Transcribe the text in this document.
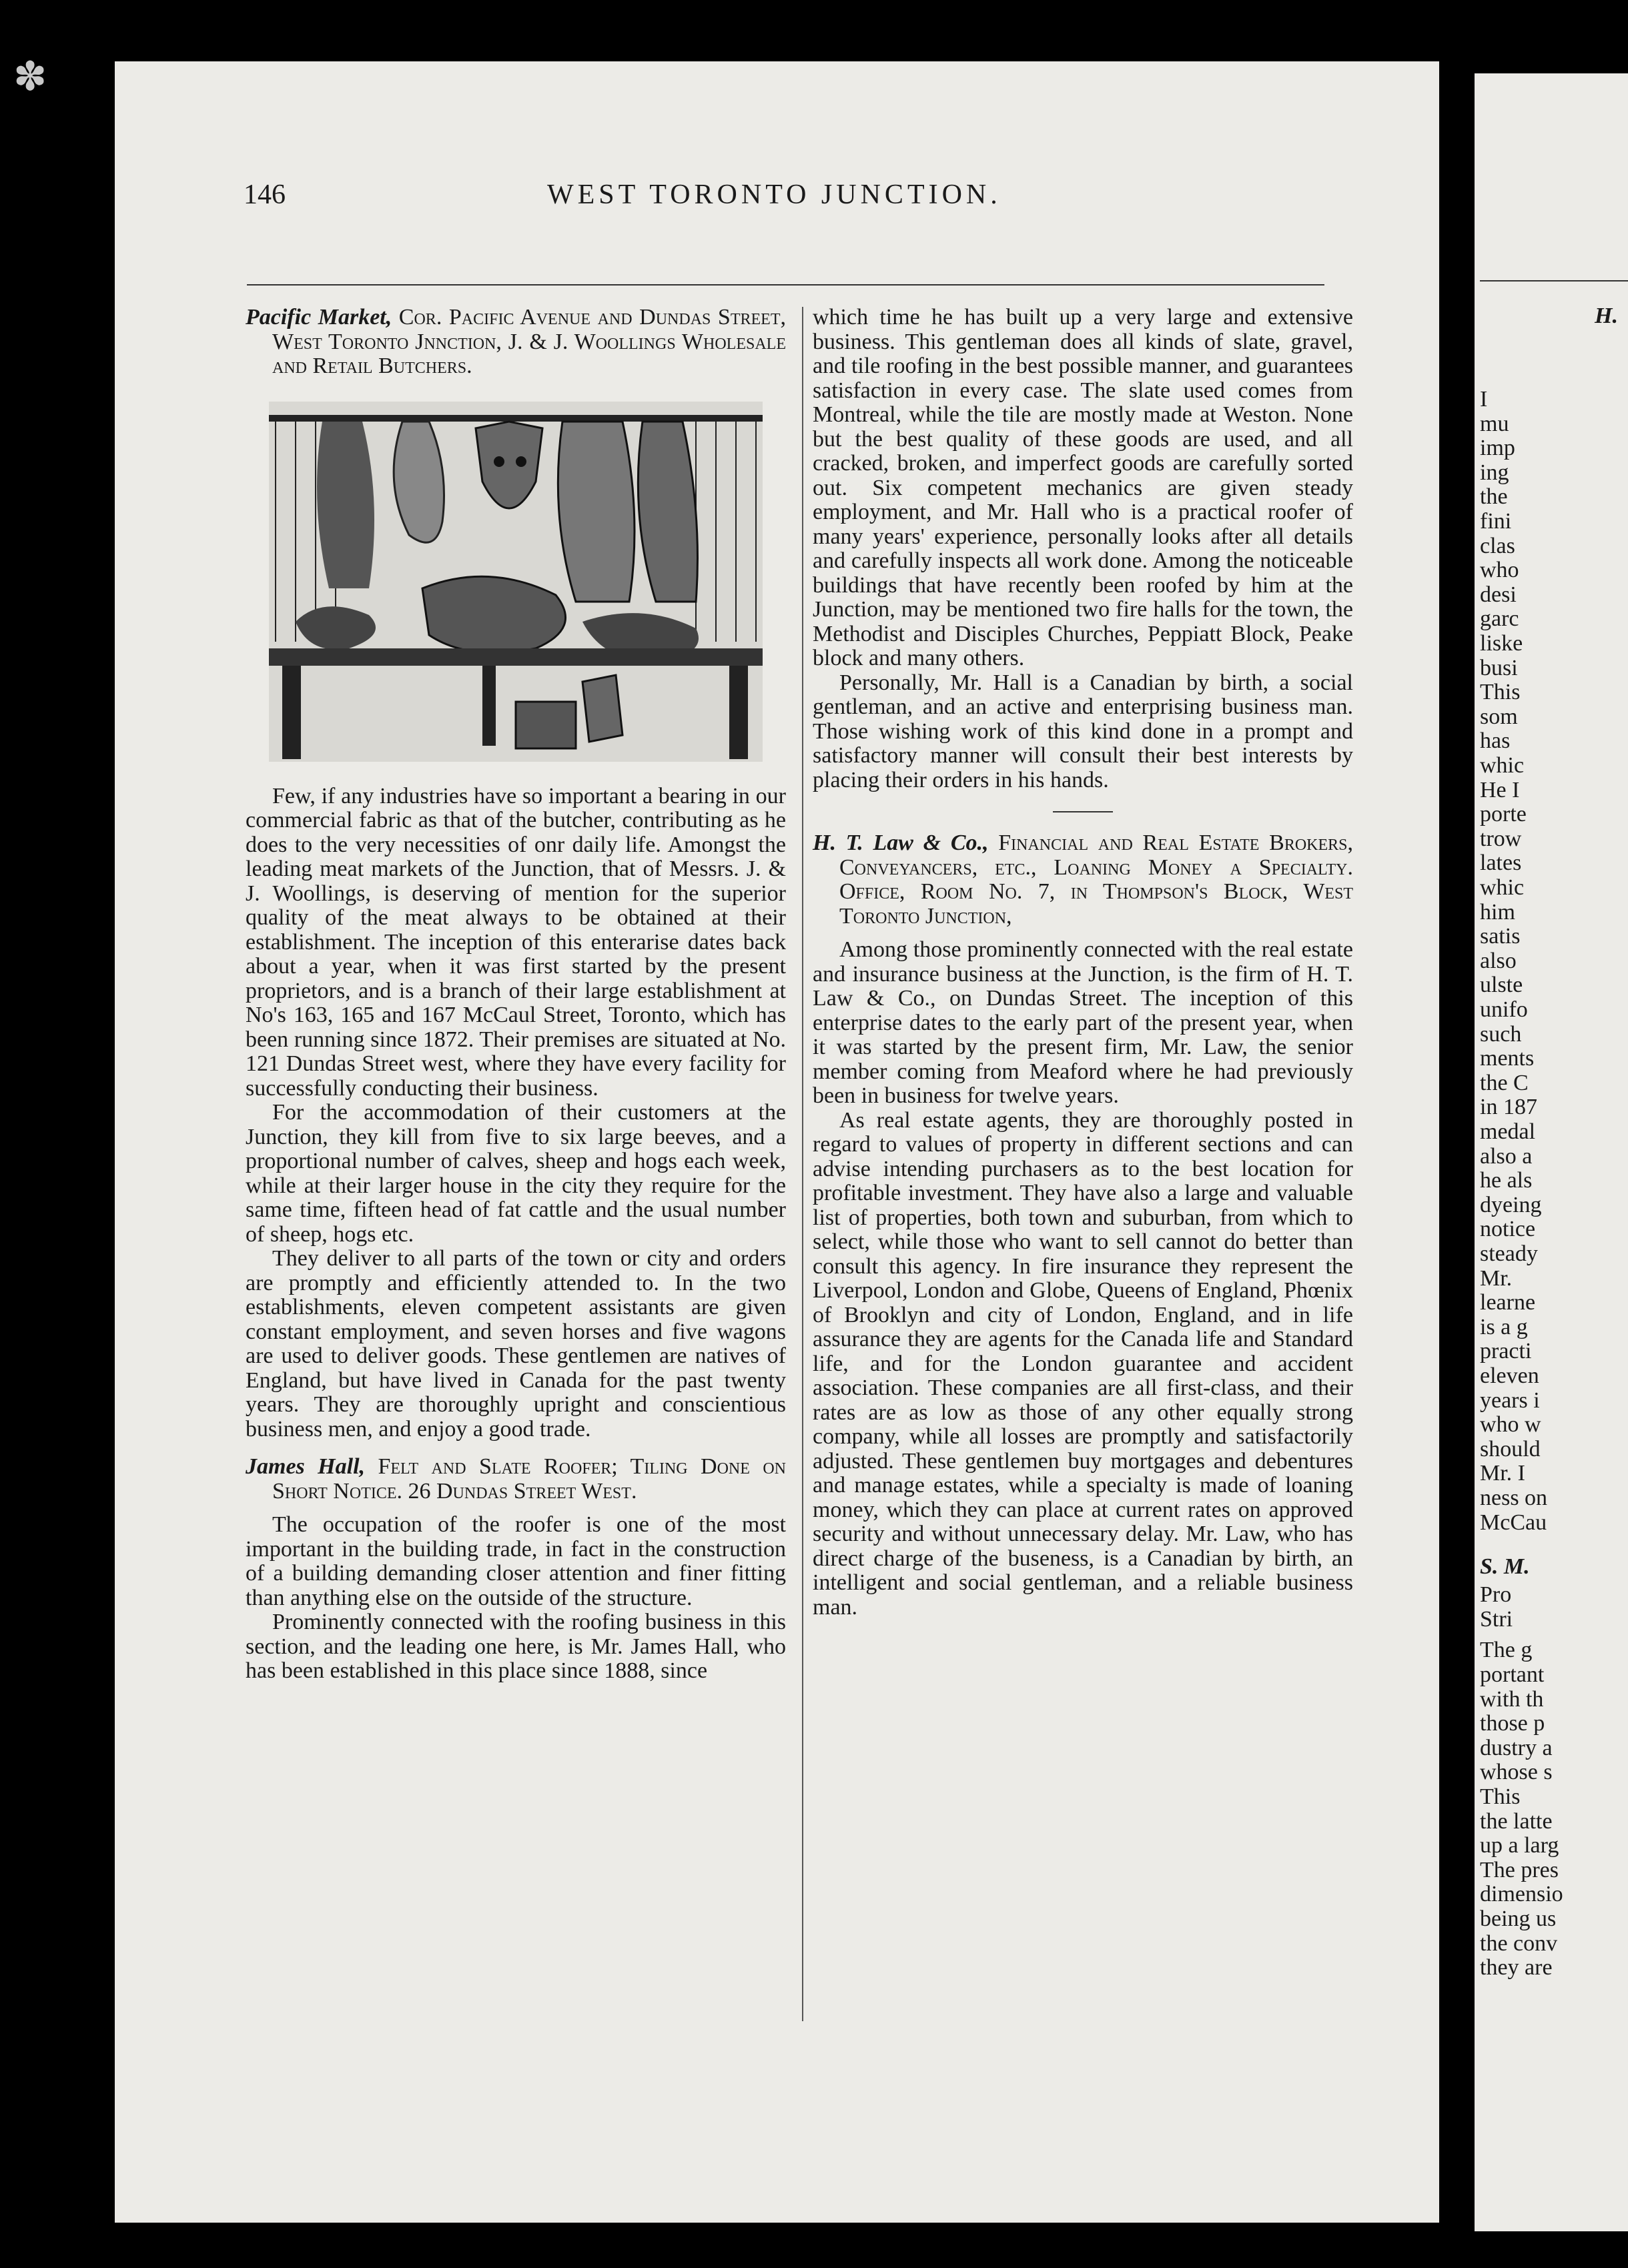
✽
146	WEST TORONTO JUNCTION.

Pacific Market, Cor. Pacific Avenue and Dundas Street, West Toronto Jnnction, J. & J. Woollings Wholesale and Retail Butchers.

Few, if any industries have so important a bearing in our commercial fabric as that of the butcher, contributing as he does to the very necessities of onr daily life. Amongst the leading meat markets of the Junction, that of Messrs. J. & J. Woollings, is deserving of mention for the superior quality of the meat always to be obtained at their establishment. The inception of this enterarise dates back about a year, when it was first started by the present proprietors, and is a branch of their large establishment at No's 163, 165 and 167 McCaul Street, Toronto, which has been running since 1872. Their premises are situated at No. 121 Dundas Street west, where they have every facility for successfully conducting their business.

For the accommodation of their customers at the Junction, they kill from five to six large beeves, and a proportional number of calves, sheep and hogs each week, while at their larger house in the city they require for the same time, fifteen head of fat cattle and the usual number of sheep, hogs etc.

They deliver to all parts of the town or city and orders are promptly and efficiently attended to. In the two establishments, eleven competent assistants are given constant employment, and seven horses and five wagons are used to deliver goods. These gentlemen are natives of England, but have lived in Canada for the past twenty years. They are thoroughly upright and conscientious business men, and enjoy a good trade.

James Hall, Felt and Slate Roofer; Tiling Done on Short Notice. 26 Dundas Street West.

The occupation of the roofer is one of the most important in the building trade, in fact in the construction of a building demanding closer attention and finer fitting than anything else on the outside of the structure.

Prominently connected with the roofing business in this section, and the leading one here, is Mr. James Hall, who has been established in this place since 1888, since

which time he has built up a very large and extensive business. This gentleman does all kinds of slate, gravel, and tile roofing in the best possible manner, and guarantees satisfaction in every case. The slate used comes from Montreal, while the tile are mostly made at Weston. None but the best quality of these goods are used, and all cracked, broken, and imperfect goods are carefully sorted out. Six competent mechanics are given steady employment, and Mr. Hall who is a practical roofer of many years' experience, personally looks after all details and carefully inspects all work done. Among the noticeable buildings that have recently been roofed by him at the Junction, may be mentioned two fire halls for the town, the Methodist and Disciples Churches, Peppiatt Block, Peake block and many others.

Personally, Mr. Hall is a Canadian by birth, a social gentleman, and an active and enterprising business man. Those wishing work of this kind done in a prompt and satisfactory manner will consult their best interests by placing their orders in his hands.

H. T. Law & Co., Financial and Real Estate Brokers, Conveyancers, etc., Loaning Money a Specialty. Office, Room No. 7, in Thompson's Block, West Toronto Junction,

Among those prominently connected with the real estate and insurance business at the Junction, is the firm of H. T. Law & Co., on Dundas Street. The inception of this enterprise dates to the early part of the present year, when it was started by the present firm, Mr. Law, the senior member coming from Meaford where he had previously been in business for twelve years.

As real estate agents, they are thoroughly posted in regard to values of property in different sections and can advise intending purchasers as to the best location for profitable investment. They have also a large and valuable list of properties, both town and suburban, from which to select, while those who want to sell cannot do better than consult this agency. In fire insurance they represent the Liverpool, London and Globe, Queens of England, Phœnix of Brooklyn and city of London, England, and in life assurance they are agents for the Canada life and Standard life, and for the London guarantee and accident association. These companies are all first-class, and their rates are as low as those of any other equally strong company, while all losses are promptly and satisfactorily adjusted. These gentlemen buy mortgages and debentures and manage estates, while a specialty is made of loaning money, which they can place at current rates on approved security and without unnecessary delay. Mr. Law, who has direct charge of the buseness, is a Canadian by birth, an intelligent and social gentleman, and a reliable business man.

H.
I
mu
imp
ing
the
fini
clas
who
desi
garc
liske
busi
This
som
has
whic
He I
porte
trow
lates
whic
him
satis
also
ulste
unifo
such
ments
the C
in 187
medal
also a
he als
dyeing
notice
steady
Mr.
learne
is a g
practi
eleven
years i
who w
should
Mr. I
ness on
McCau
S. M.
Pro
Stri
The g
portant
with th
those p
dustry a
whose s
This
the latte
up a larg
The pres
dimensio
being us
the conv
they are
